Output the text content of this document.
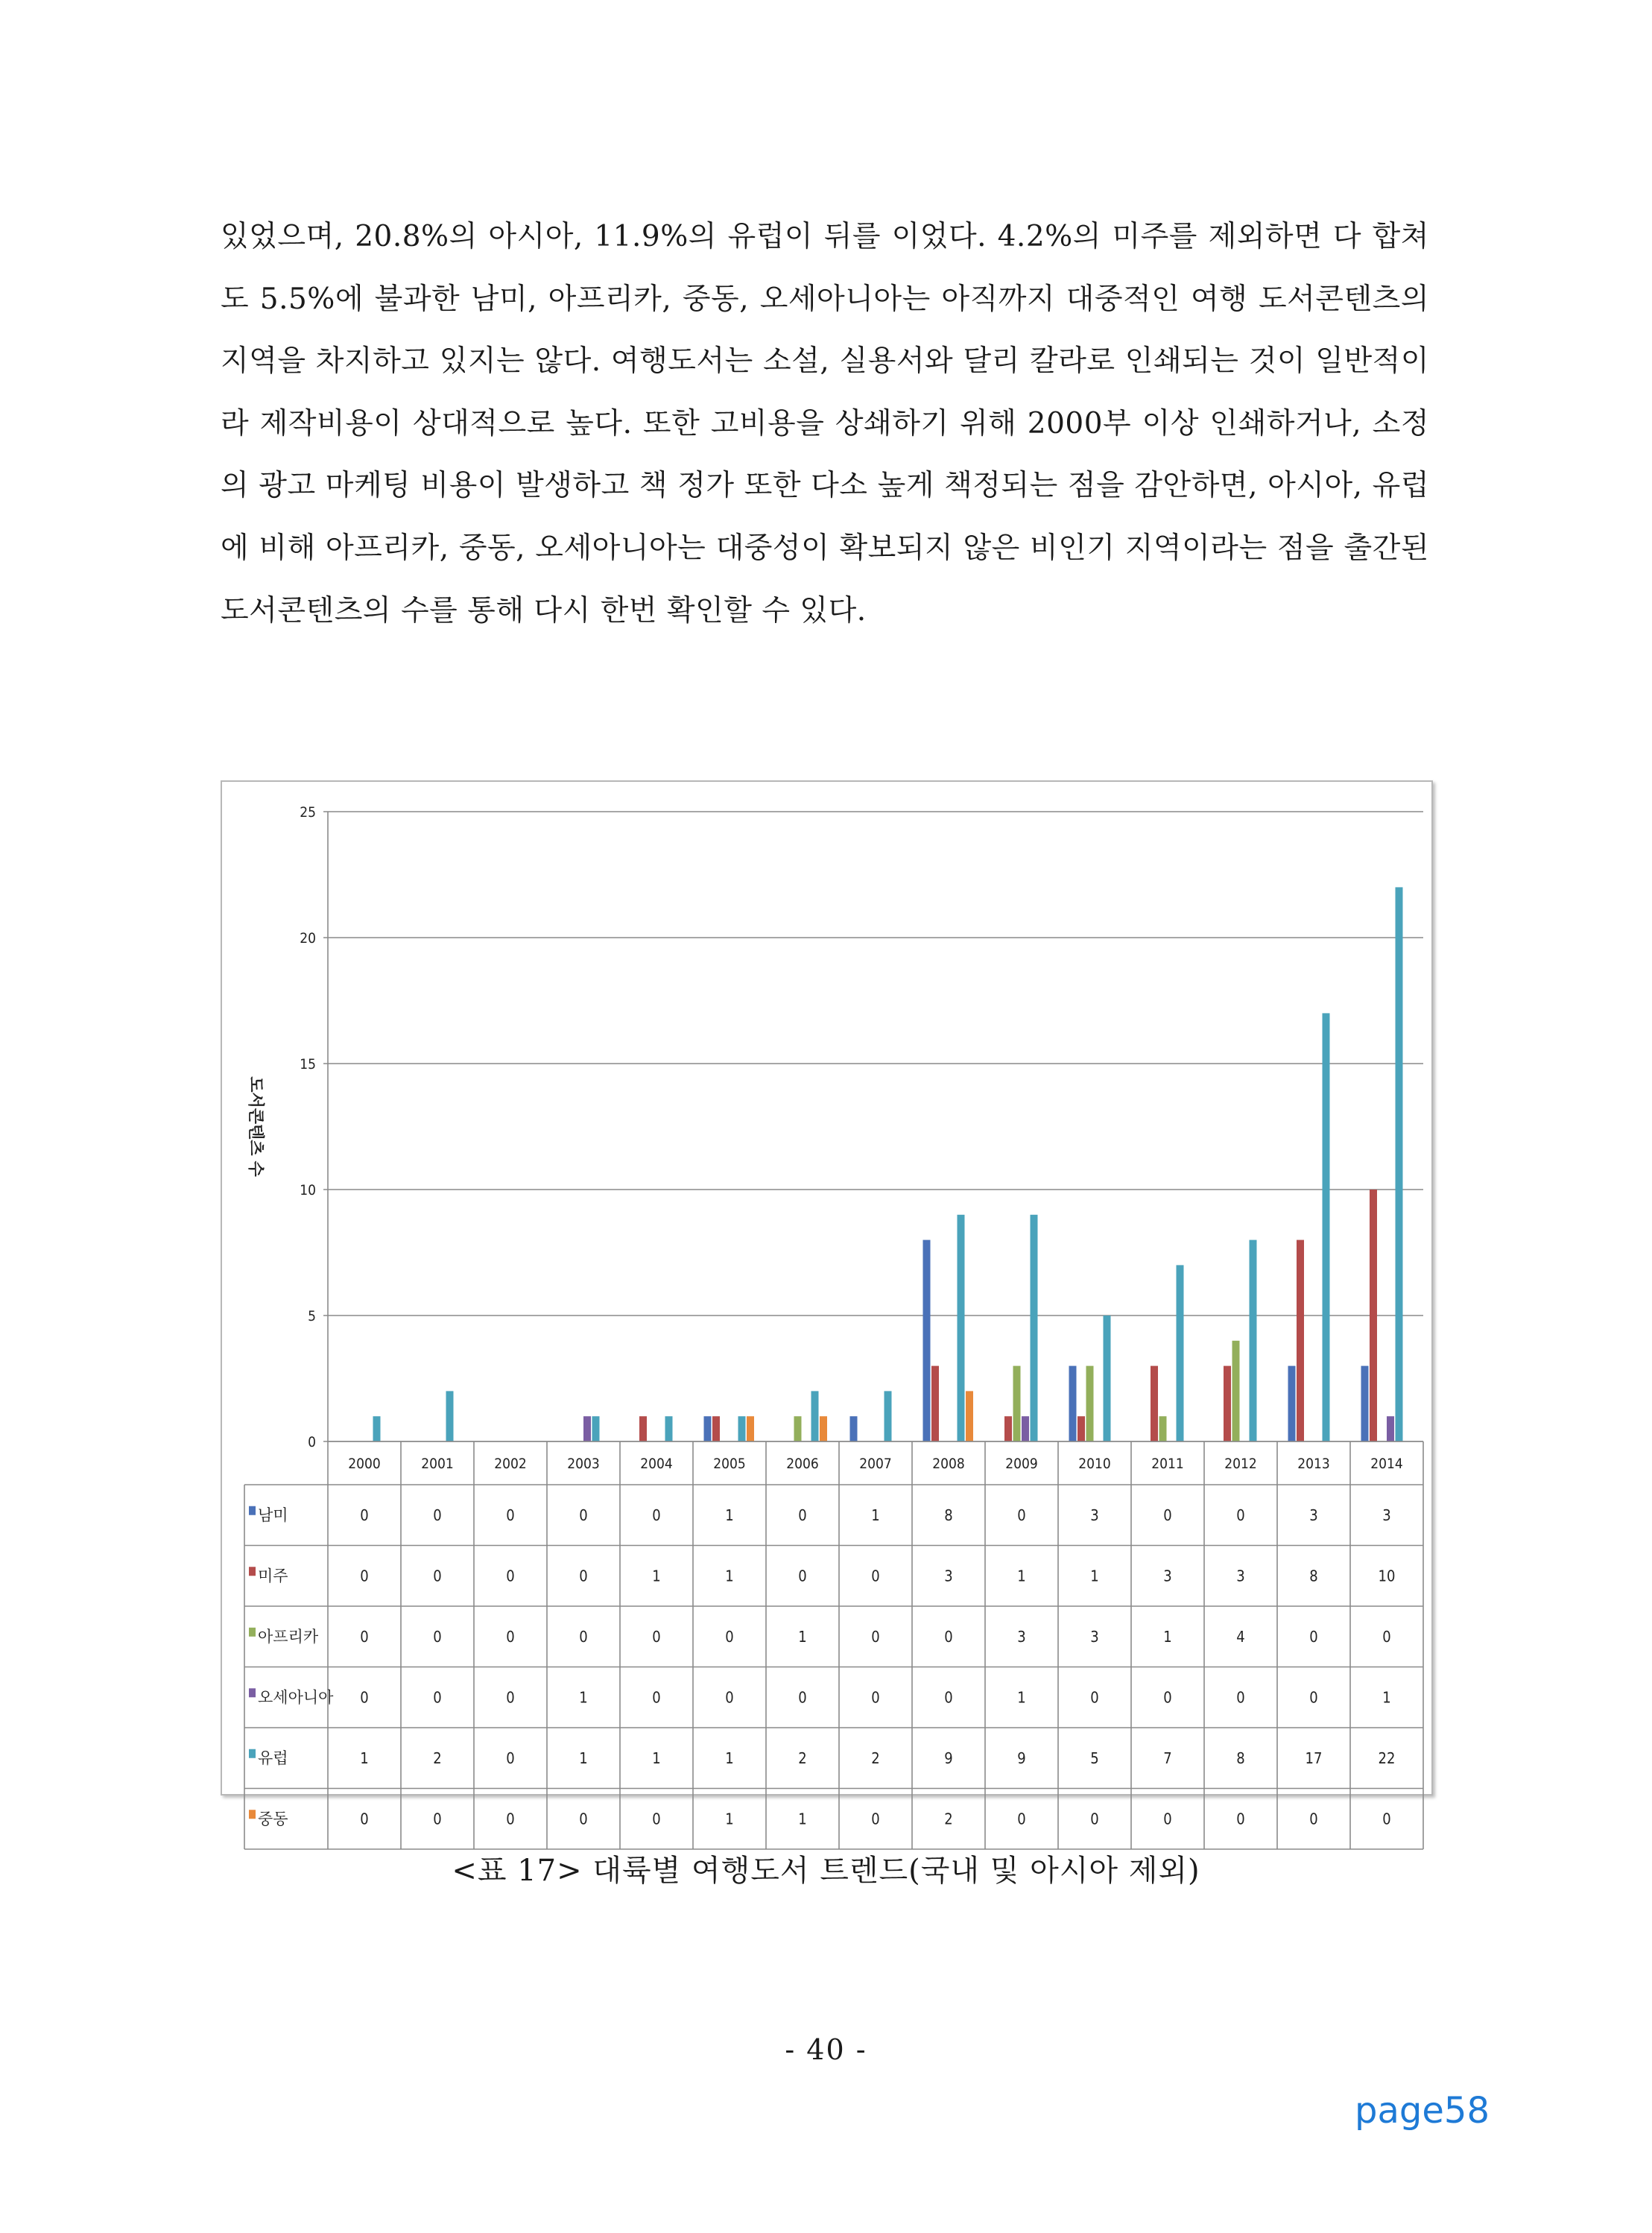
있었으며, 20.8%의 아시아, 11.9%의 유럽이 뒤를 이었다. 4.2%의 미주를 제외하면 다 합쳐도 5.5%에 불과한 남미, 아프리카, 중동, 오세아니아는 아직까지 대중적인 여행 도서콘텐츠의 지역을 차지하고 있지는 않다. 여행도서는 소설, 실용서와 달리 칼라로 인쇄되는 것이 일반적이라 제작비용이 상대적으로 높다. 또한 고비용을 상쇄하기 위해 2000부 이상 인쇄하거나, 소정의 광고 마케팅 비용이 발생하고 책 정가 또한 다소 높게 책정되는 점을 감안하면, 아시아, 유럽에 비해 아프리카, 중동, 오세아니아는 대중성이 확보되지 않은 비인기 지역이라는 점을 출간된 도서콘텐츠의 수를 통해 다시 한번 확인할 수 있다.

0
5
10
15
20
25
도서콘텐츠 수
2000	2001	2002	2003	2004	2005	2006	2007	2008	2009	2010	2011	2012	2013	2014
남미	0	0	0	0	0	1	0	1	8	0	3	0	0	3	3
미주	0	0	0	0	1	1	0	0	3	1	1	3	3	8	10
아프리카	0	0	0	0	0	0	1	0	0	3	3	1	4	0	0
오세아니아 0	0	0	1	0	0	0	0	0	1	0	0	0	0	1
유럽	1	2	0	1	1	1	2	2	9	9	5	7	8	17	22
중동	0	0	0	0	0	1	1	0	2	0	0	0	0	0	0
<표 17> 대륙별 여행도서 트렌드(국내 및 아시아 제외)
- 40 -
page58
